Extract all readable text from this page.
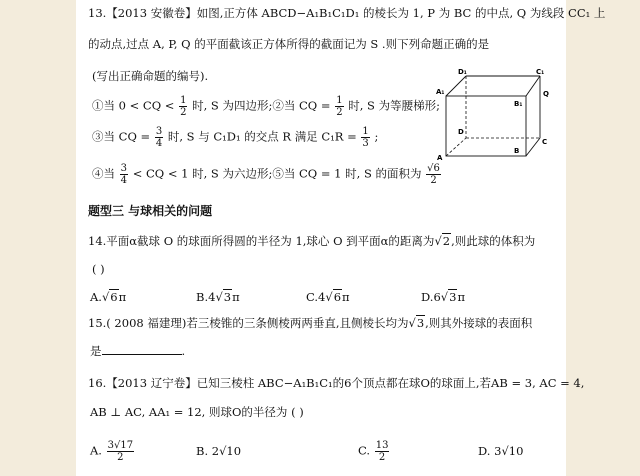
13.【2013 安徽卷】如图,正方体 ABCD−A₁B₁C₁D₁ 的棱长为 1, P 为 BC 的中点, Q 为线段 CC₁ 上
的动点,过点 A, P, Q 的平面截该正方体所得的截面记为 S .则下列命题正确的是
(写出正确命题的编号).
①当 0 < CQ < $\frac{1}{2}$ 时, S 为四边形;②当 CQ = $\frac{1}{2}$ 时, S 为等腰梯形;
③当 CQ = $\frac{3}{4}$ 时, S 与 C₁D₁ 的交点 R 满足 $C_1R = \frac{1}{3}$ ;
④当 $\frac{3}{4}$ < CQ < 1 时, S 为六边形;⑤当 CQ = 1 时, S 的面积为 $\frac{√6}{2}$
D₁	C₁
A₁
B₁
Q
D
C
B
A
题型三 与球相关的问题
14.平面α截球 O 的球面所得圆的半径为 1,球心 O 到平面α的距离为√2,则此球的体积为
( )
A.√6π	B.4√3π	C.4√6π	D.6√3π
15.( 2008 福建理)若三棱锥的三条侧棱两两垂直,且侧棱长均为√3,则其外接球的表面积
是	.
16.【2013 辽宁卷】已知三棱柱 ABC−A₁B₁C₁的6个顶点都在球O的球面上,若AB = 3, AC = 4,
AB ⊥ AC, AA₁ = 12, 则球O的半径为 ( )
A. $\frac{3√17}{2}$	B. 2√10	C. $\frac{13}{2}$	D. 3√10
